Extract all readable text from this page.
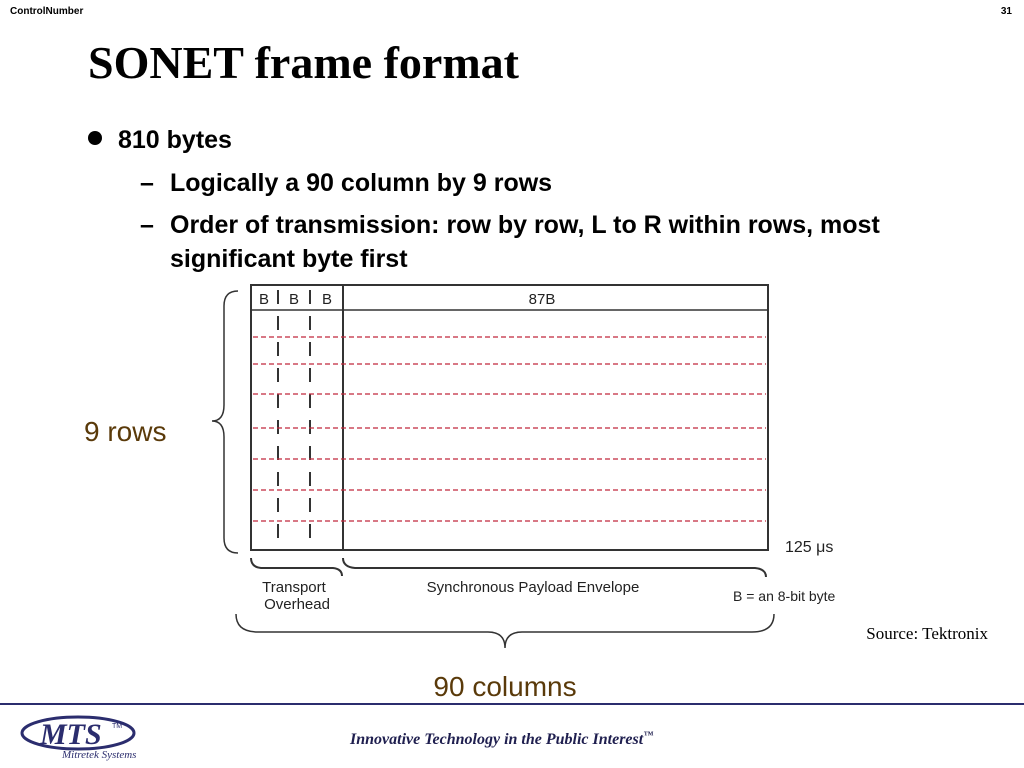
ControlNumber	31
SONET frame format
810 bytes
– Logically a 90 column by 9 rows
– Order of transmission: row by row, L to R within rows, most significant byte first
B B B	87B
9 rows
125 μs
Transport
Overhead
Synchronous Payload Envelope	B = an 8-bit byte
90 columns
Source: Tektronix
MTS TM
Mitretek Systems
Innovative Technology in the Public Interest™
